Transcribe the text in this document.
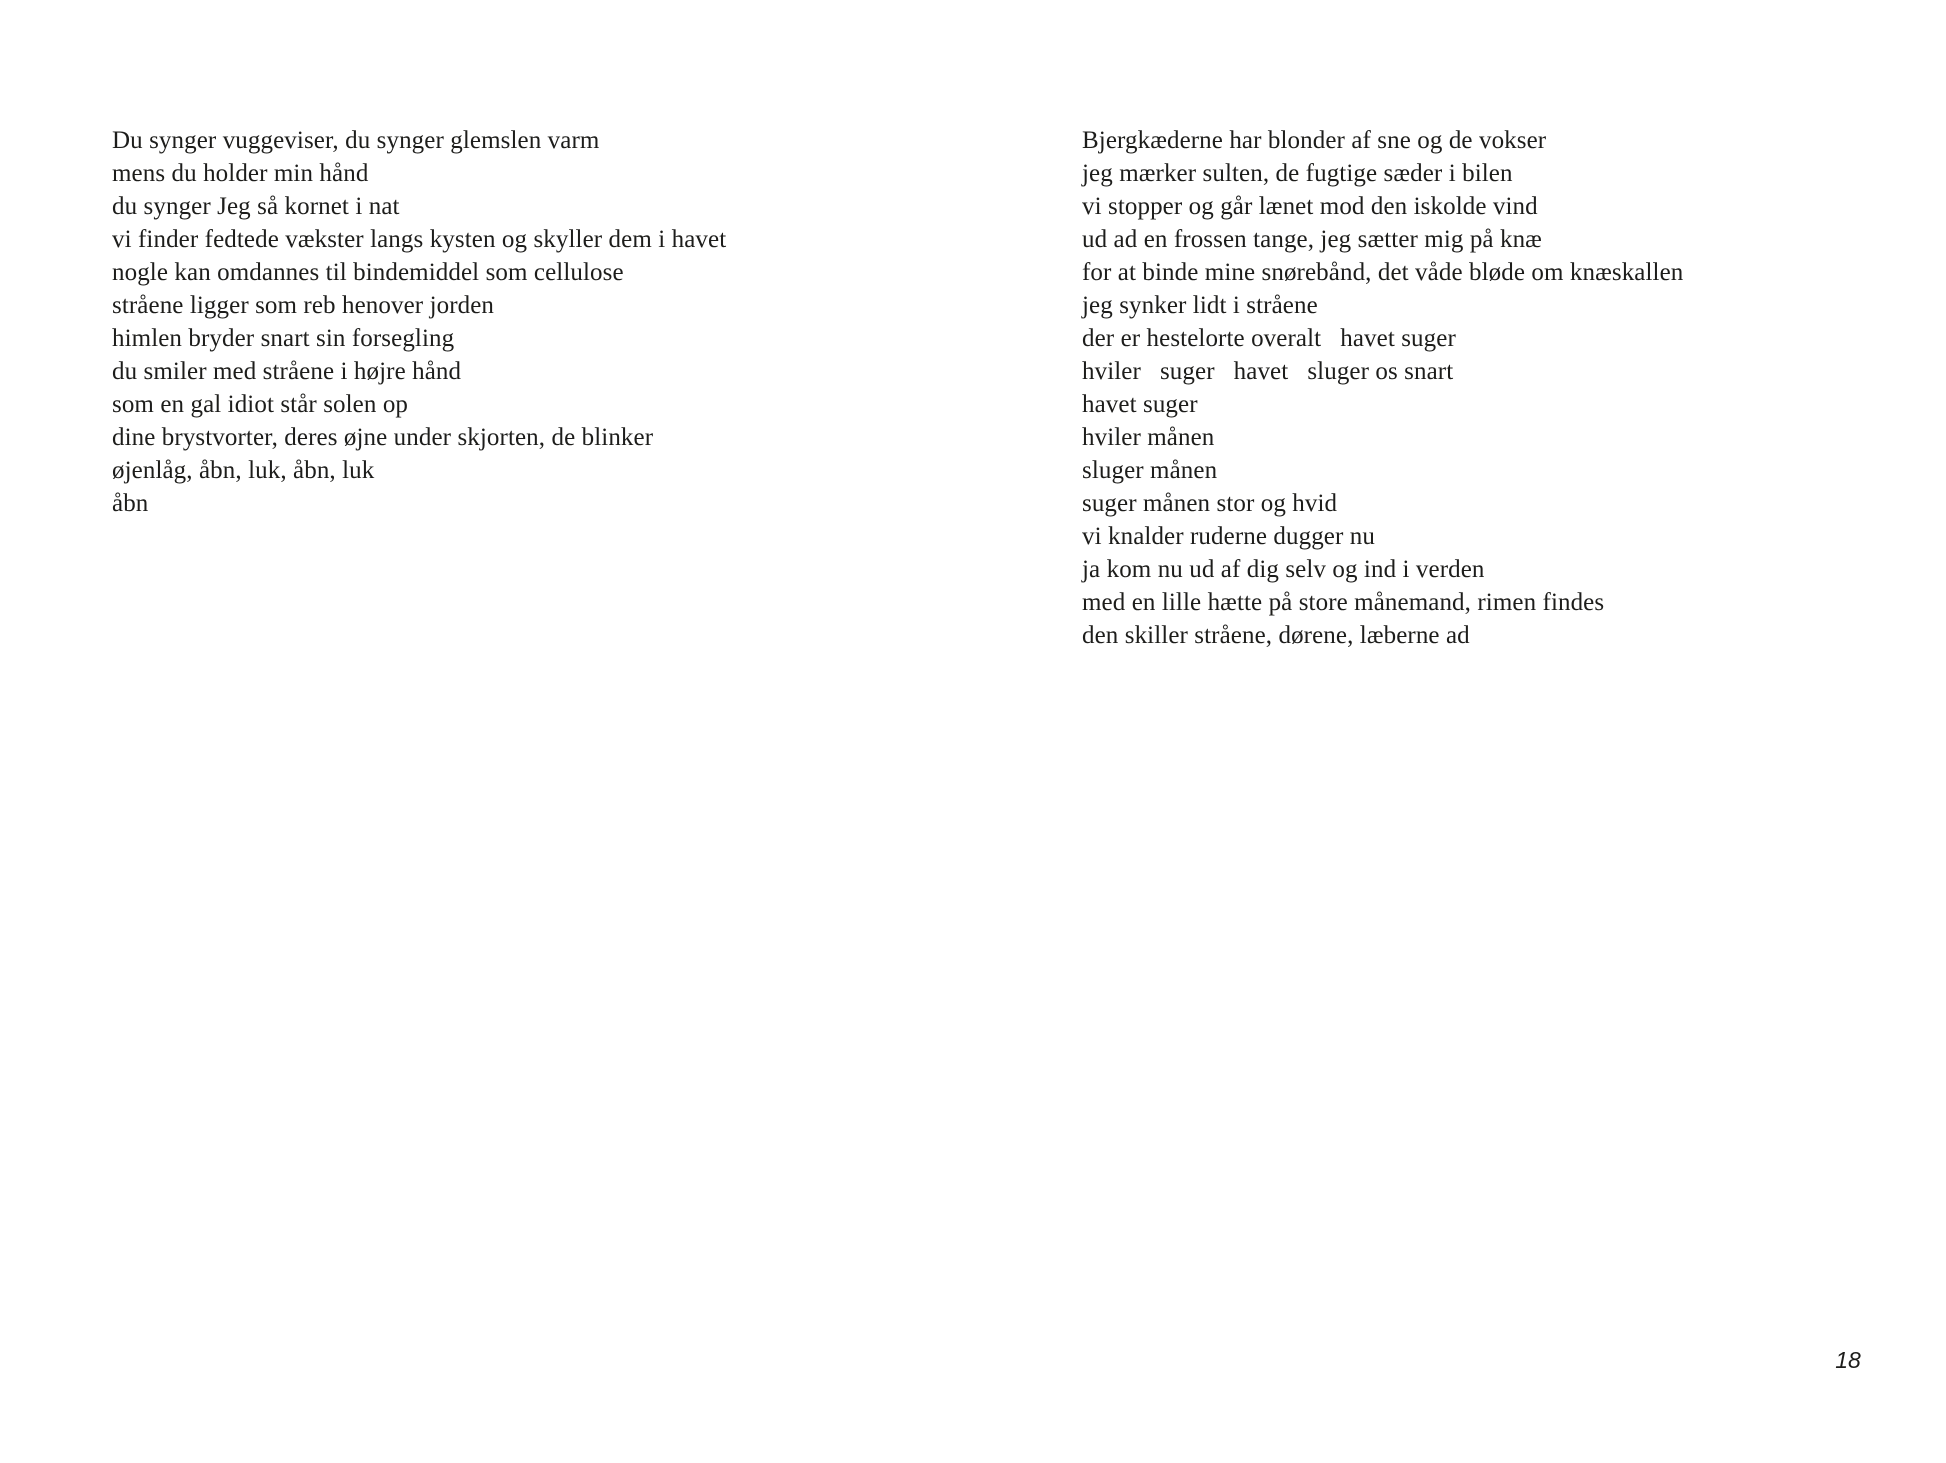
Du synger vuggeviser, du synger glemslen varm
mens du holder min hånd
du synger Jeg så kornet i nat
vi finder fedtede vækster langs kysten og skyller dem i havet
nogle kan omdannes til bindemiddel som cellulose
stråene ligger som reb henover jorden
himlen bryder snart sin forsegling
du smiler med stråene i højre hånd
som en gal idiot står solen op
dine brystvorter, deres øjne under skjorten, de blinker
øjenlåg, åbn, luk, åbn, luk
åbn
Bjergkæderne har blonder af sne og de vokser
jeg mærker sulten, de fugtige sæder i bilen
vi stopper og går lænet mod den iskolde vind
ud ad en frossen tange, jeg sætter mig på knæ
for at binde mine snørebånd, det våde bløde om knæskallen
jeg synker lidt i stråene
der er hestelorte overalt   havet suger
hviler   suger   havet   sluger os snart
havet suger
hviler månen
sluger månen
suger månen stor og hvid
vi knalder ruderne dugger nu
ja kom nu ud af dig selv og ind i verden
med en lille hætte på store månemand, rimen findes
den skiller stråene, dørene, læberne ad
18
